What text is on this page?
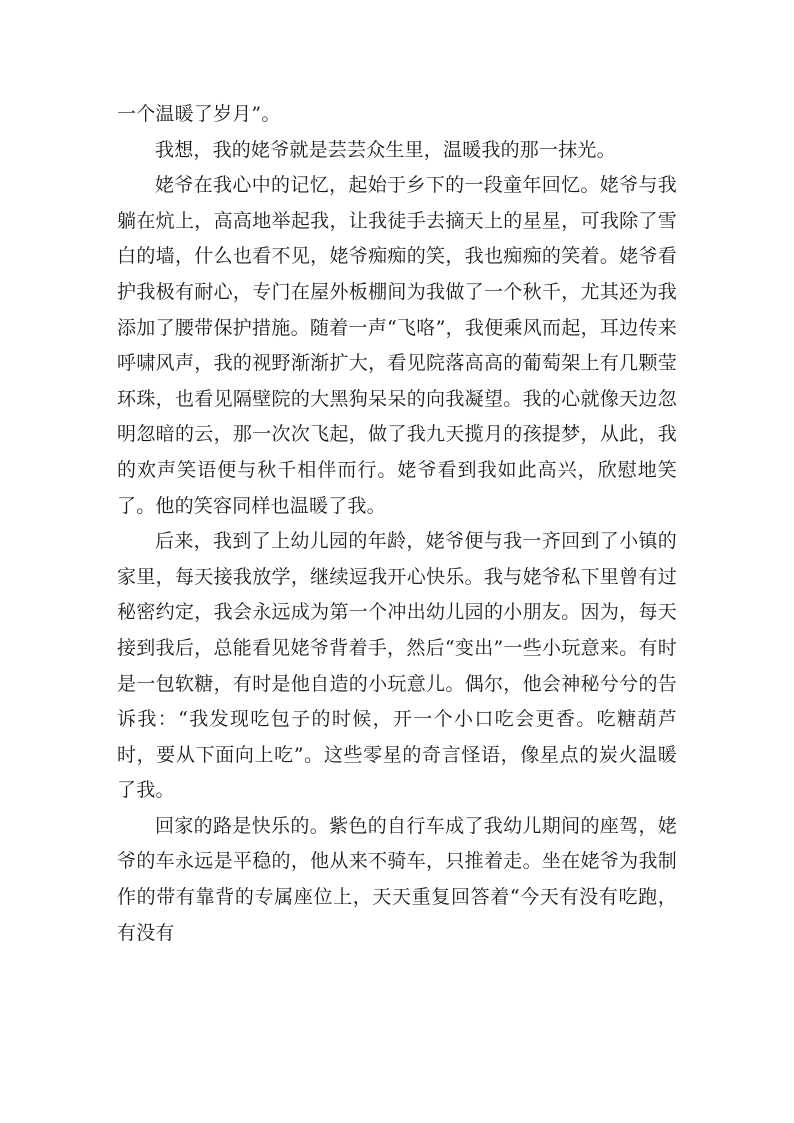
一个温暖了岁月”。

我想，我的姥爷就是芸芸众生里，温暖我的那一抹光。

姥爷在我心中的记忆，起始于乡下的一段童年回忆。姥爷与我躺在炕上，高高地举起我，让我徒手去摘天上的星星，可我除了雪白的墙，什么也看不见，姥爷痴痴的笑，我也痴痴的笑着。姥爷看护我极有耐心，专门在屋外板棚间为我做了一个秋千，尤其还为我添加了腰带保护措施。随着一声“飞咯”，我便乘风而起，耳边传来呼啸风声，我的视野渐渐扩大，看见院落高高的葡萄架上有几颗莹环珠，也看见隔壁院的大黑狗呆呆的向我凝望。我的心就像天边忽明忽暗的云，那一次次飞起，做了我九天揽月的孩提梦，从此，我的欢声笑语便与秋千相伴而行。姥爷看到我如此高兴，欣慰地笑了。他的笑容同样也温暖了我。

后来，我到了上幼儿园的年龄，姥爷便与我一齐回到了小镇的家里，每天接我放学，继续逗我开心快乐。我与姥爷私下里曾有过秘密约定，我会永远成为第一个冲出幼儿园的小朋友。因为，每天接到我后，总能看见姥爷背着手，然后“变出”一些小玩意来。有时是一包软糖，有时是他自造的小玩意儿。偶尔，他会神秘兮兮的告诉我：“我发现吃包子的时候，开一个小口吃会更香。吃糖葫芦时，要从下面向上吃”。这些零星的奇言怪语，像星点的炭火温暖了我。

回家的路是快乐的。紫色的自行车成了我幼儿期间的座驾，姥爷的车永远是平稳的，他从来不骑车，只推着走。坐在姥爷为我制作的带有靠背的专属座位上，天天重复回答着“今天有没有吃跑，有没有
